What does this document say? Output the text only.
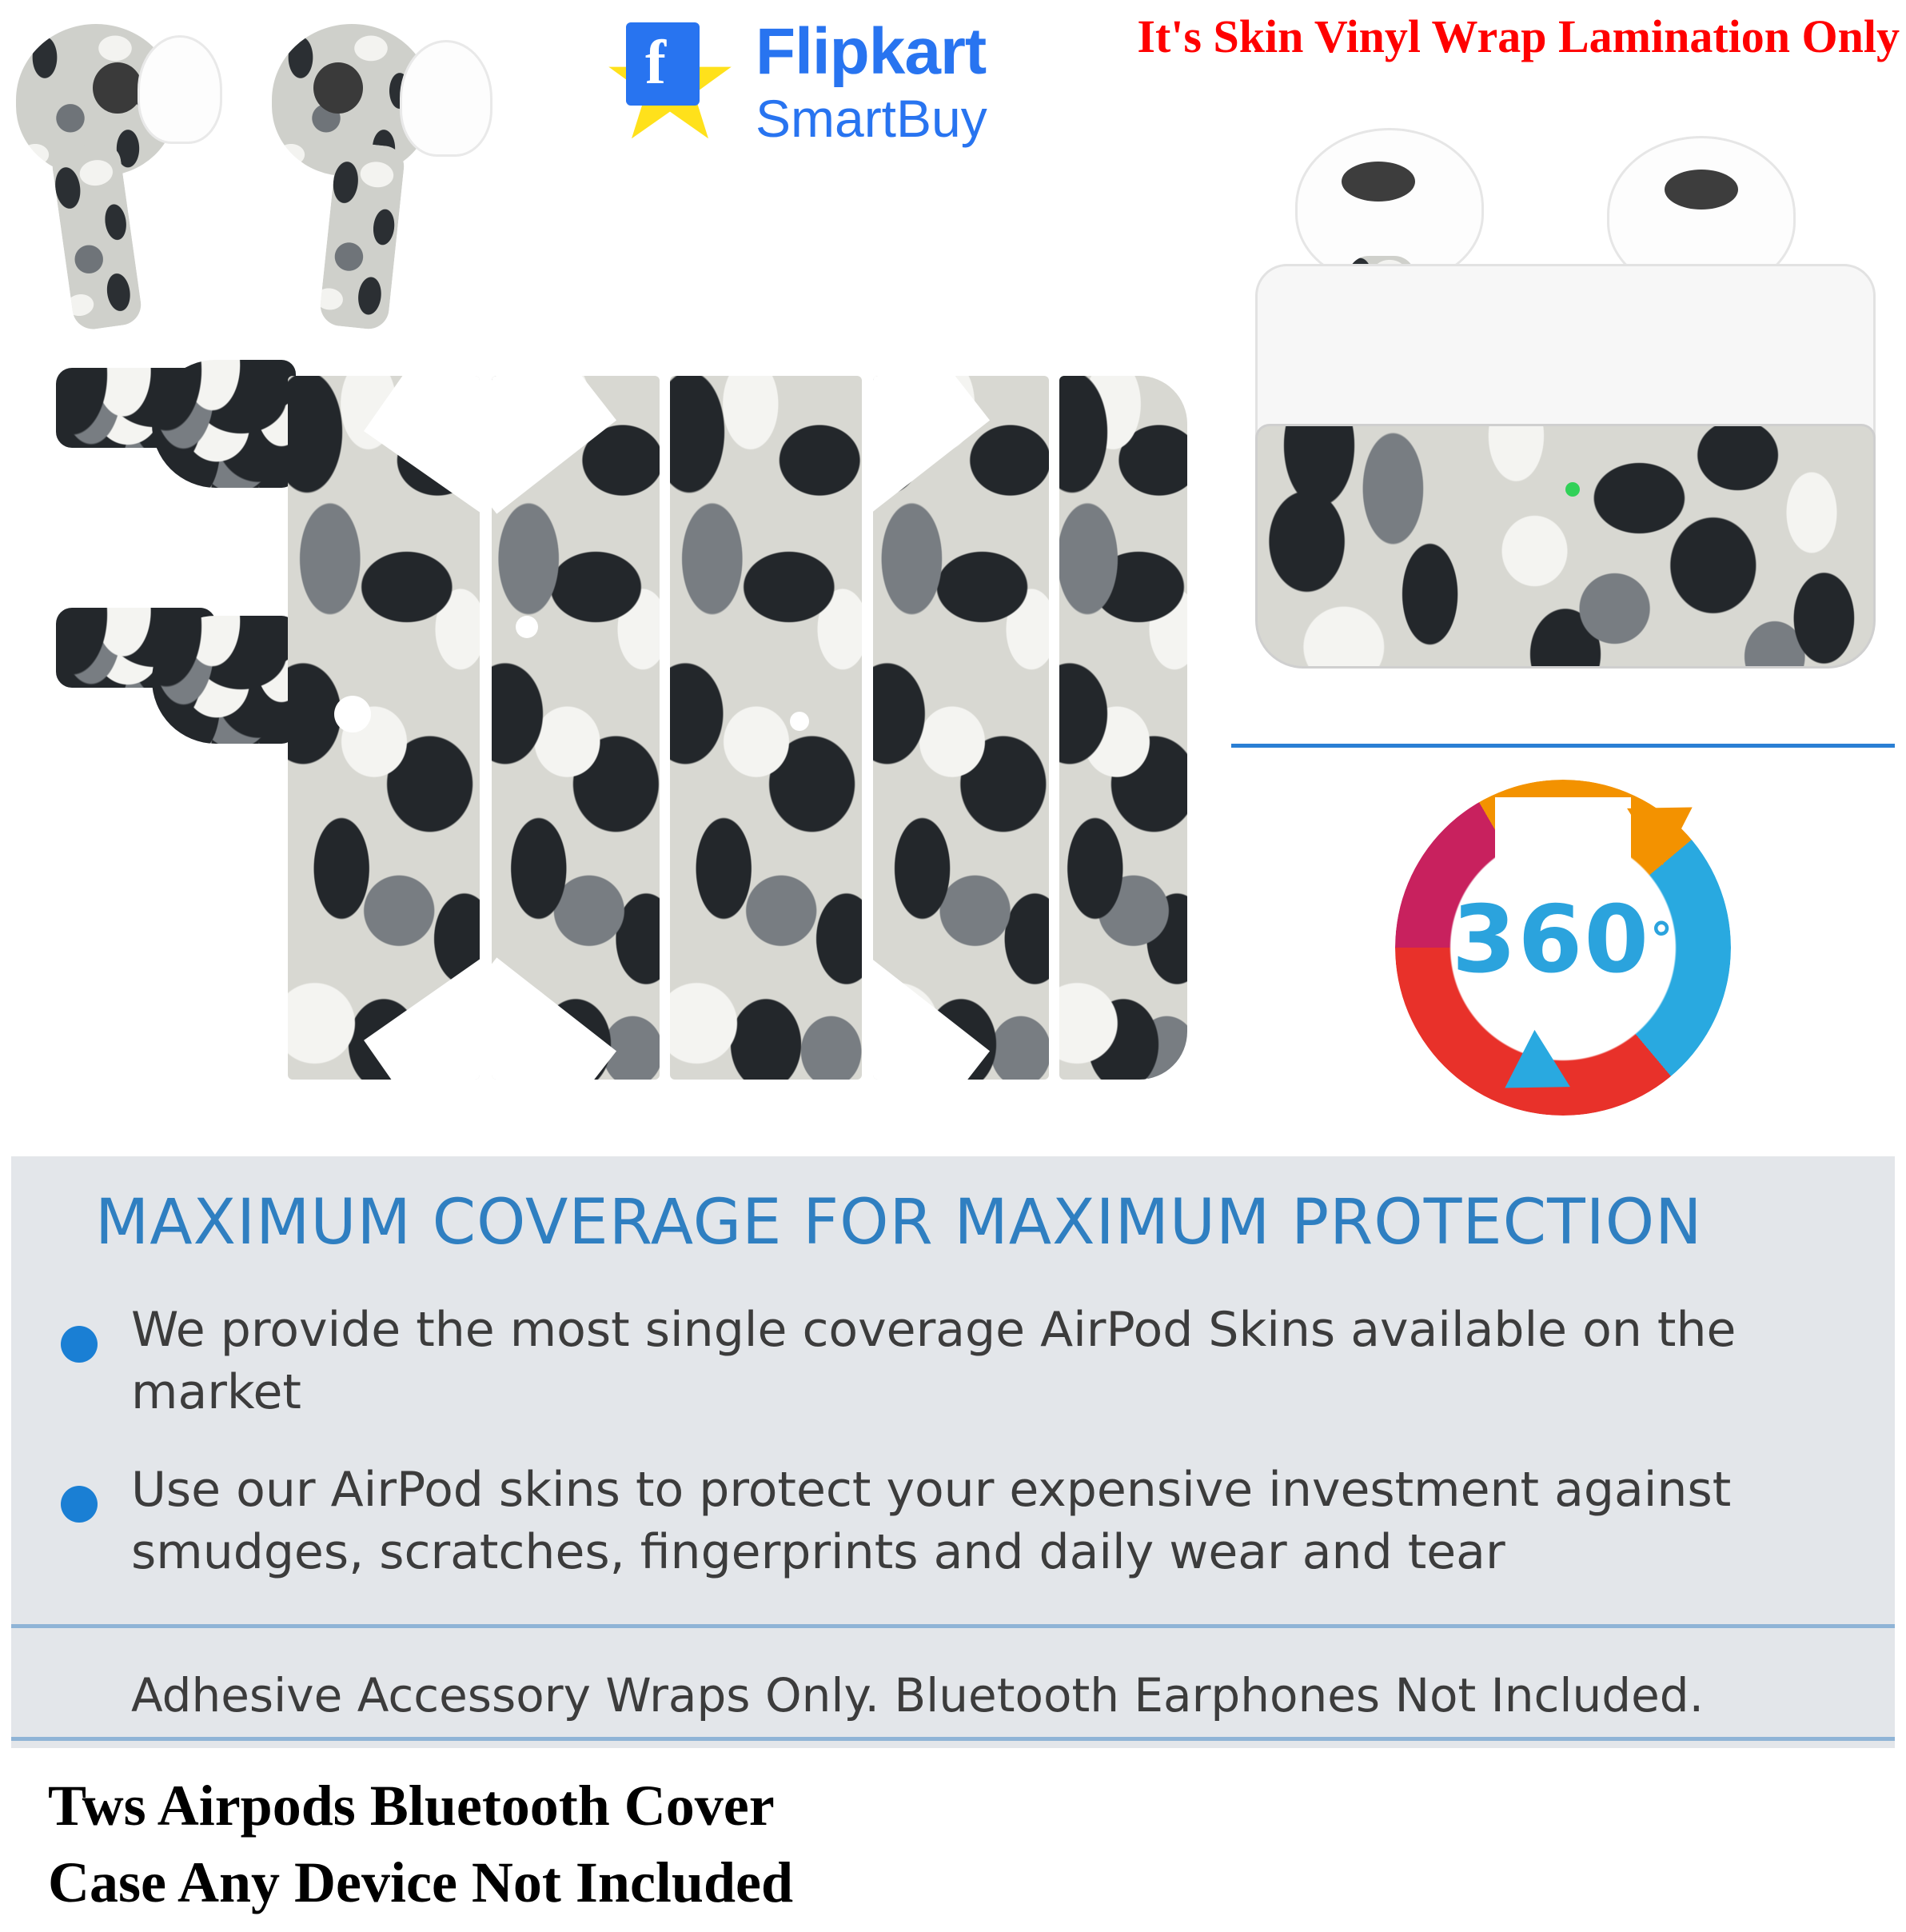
f Flipkart
SmartBuy
It's Skin Vinyl Wrap Lamination Only
360 °
MAXIMUM COVERAGE FOR MAXIMUM PROTECTION
We provide the most single coverage AirPod Skins available on the market
Use our AirPod skins to protect your expensive investment against smudges, scratches, fingerprints and daily wear and tear
Adhesive Accessory Wraps Only. Bluetooth Earphones Not Included.
Tws Airpods Bluetooth Cover
Case Any Device Not Included
